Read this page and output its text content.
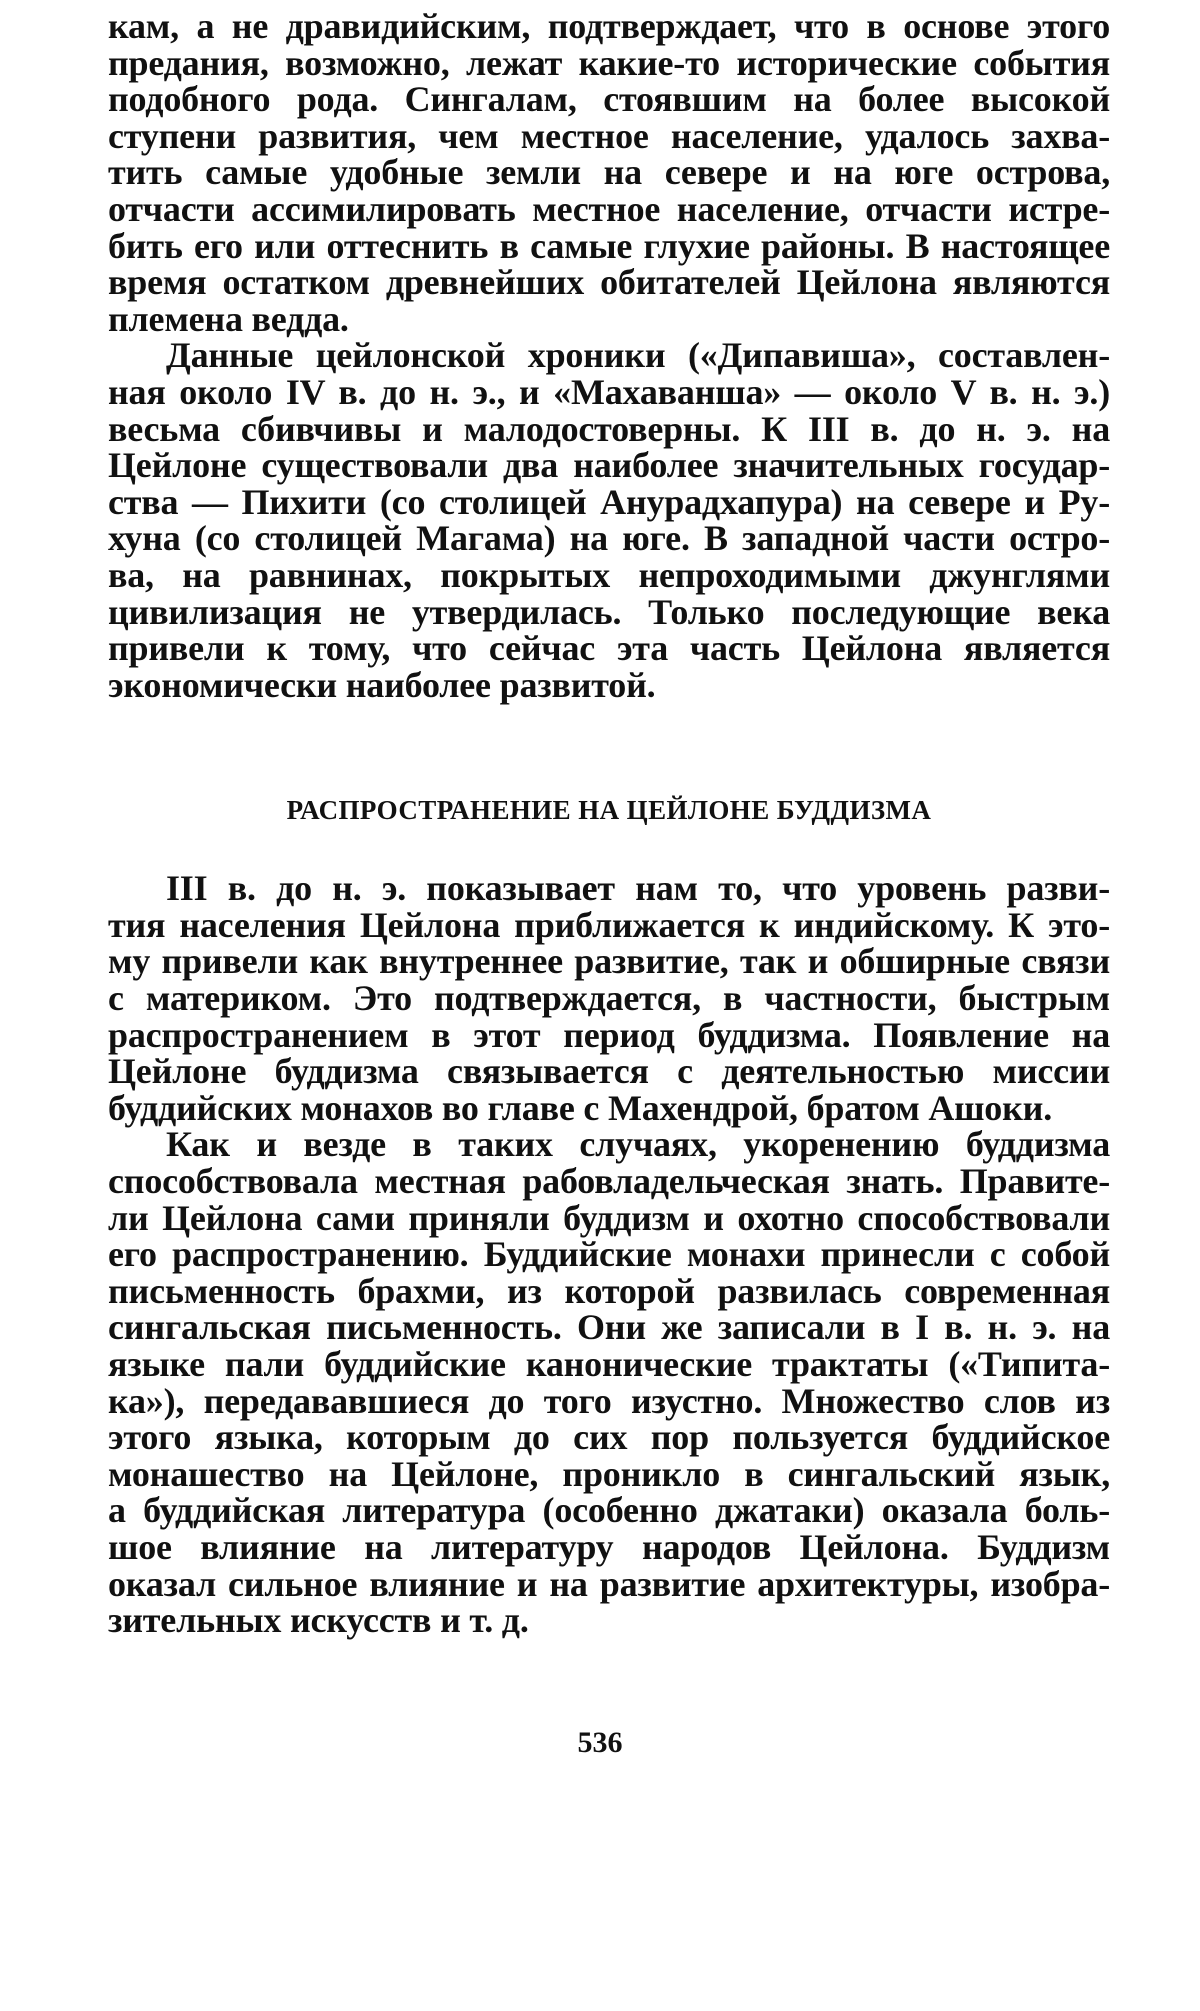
кам, а не дравидийским, подтверждает, что в основе этого
предания, возможно, лежат какие-то исторические события
подобного рода. Сингалам, стоявшим на более высокой
ступени развития, чем местное население, удалось захва-
тить самые удобные земли на севере и на юге острова,
отчасти ассимилировать местное население, отчасти истре-
бить его или оттеснить в самые глухие районы. В настоящее
время остатком древнейших обитателей Цейлона являются
племена ведда.

Данные цейлонской хроники («Дипавиша», составлен-
ная около IV в. до н. э., и «Махаванша» — около V в. н. э.)
весьма сбивчивы и малодостоверны. К III в. до н. э. на
Цейлоне существовали два наиболее значительных государ-
ства — Пихити (со столицей Анурадхапура) на севере и Ру-
хуна (со столицей Магама) на юге. В западной части остро-
ва, на равнинах, покрытых непроходимыми джунглями
цивилизация не утвердилась. Только последующие века
привели к тому, что сейчас эта часть Цейлона является
экономически наиболее развитой.

РАСПРОСТРАНЕНИЕ НА ЦЕЙЛОНЕ БУДДИЗМА

III в. до н. э. показывает нам то, что уровень разви-
тия населения Цейлона приближается к индийскому. К это-
му привели как внутреннее развитие, так и обширные связи
с материком. Это подтверждается, в частности, быстрым
распространением в этот период буддизма. Появление на
Цейлоне буддизма связывается с деятельностью миссии
буддийских монахов во главе с Махендрой, братом Ашоки.

Как и везде в таких случаях, укоренению буддизма
способствовала местная рабовладельческая знать. Правите-
ли Цейлона сами приняли буддизм и охотно способствовали
его распространению. Буддийские монахи принесли с собой
письменность брахми, из которой развилась современная
сингальская письменность. Они же записали в I в. н. э. на
языке пали буддийские канонические трактаты («Типита-
ка»), передававшиеся до того изустно. Множество слов из
этого языка, которым до сих пор пользуется буддийское
монашество на Цейлоне, проникло в сингальский язык,
а буддийская литература (особенно джатаки) оказала боль-
шое влияние на литературу народов Цейлона. Буддизм
оказал сильное влияние и на развитие архитектуры, изобра-
зительных искусств и т. д.

536
